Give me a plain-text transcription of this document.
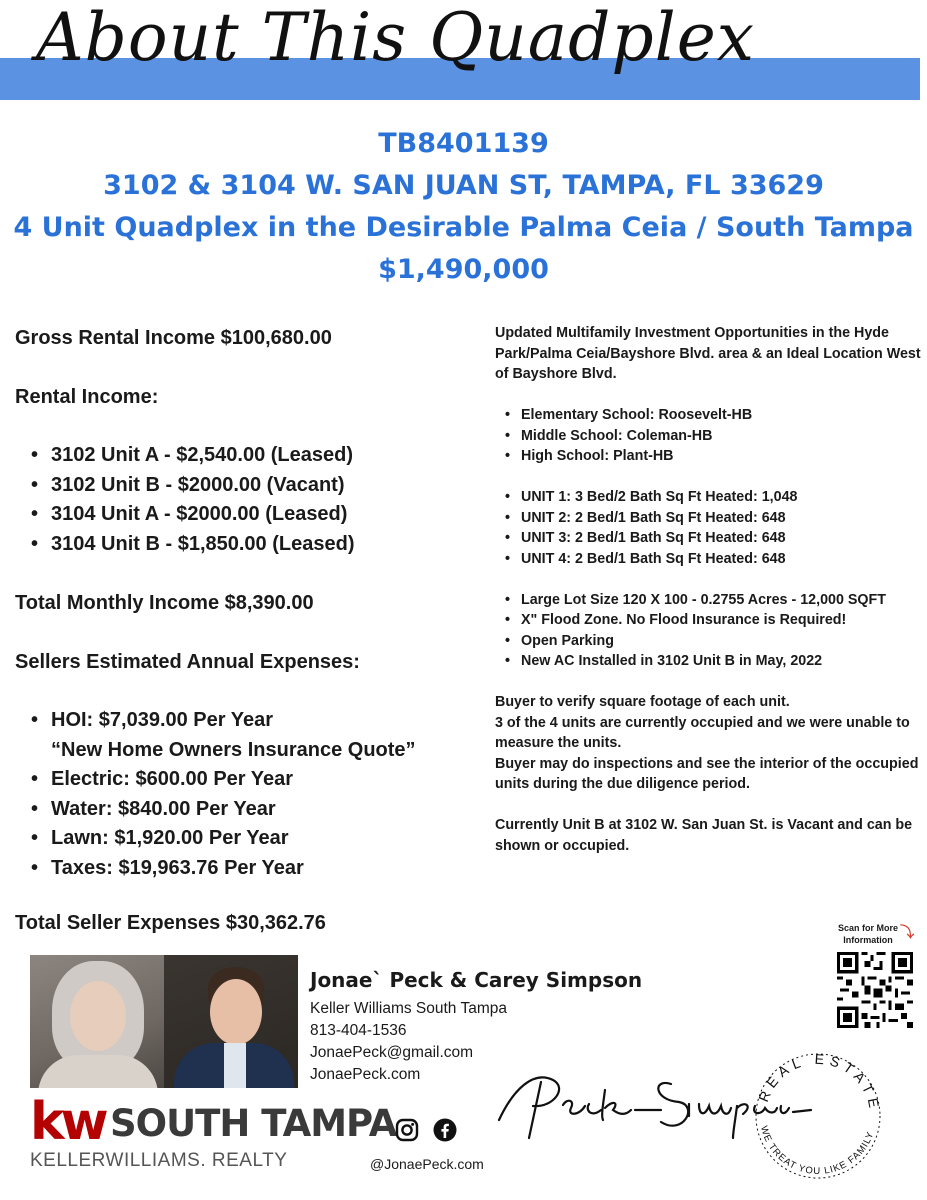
About This Quadplex
TB8401139
3102 & 3104 W. SAN JUAN ST, TAMPA, FL 33629
4 Unit Quadplex in the Desirable Palma Ceia / South Tampa
$1,490,000
Gross Rental Income $100,680.00
Rental Income:
• 3102 Unit A - $2,540.00 (Leased)
• 3102 Unit B - $2000.00 (Vacant)
• 3104 Unit A - $2000.00 (Leased)
• 3104 Unit B - $1,850.00 (Leased)
Total Monthly Income $8,390.00
Sellers Estimated Annual Expenses:
• HOI: $7,039.00 Per Year
“New Home Owners Insurance Quote”
• Electric: $600.00 Per Year
• Water: $840.00 Per Year
• Lawn: $1,920.00 Per Year
• Taxes: $19,963.76 Per Year
Total Seller Expenses $30,362.76

Updated Multifamily Investment Opportunities in the Hyde Park/Palma Ceia/Bayshore Blvd. area & an Ideal Location West of Bayshore Blvd.

• Elementary School: Roosevelt-HB
• Middle School: Coleman-HB
• High School: Plant-HB
• UNIT 1: 3 Bed/2 Bath Sq Ft Heated: 1,048
• UNIT 2: 2 Bed/1 Bath Sq Ft Heated: 648
• UNIT 3: 2 Bed/1 Bath Sq Ft Heated: 648
• UNIT 4: 2 Bed/1 Bath Sq Ft Heated: 648
• Large Lot Size 120 X 100 - 0.2755 Acres - 12,000 SQFT
• X" Flood Zone. No Flood Insurance is Required!
• Open Parking
• New AC Installed in 3102 Unit B in May, 2022

Buyer to verify square footage of each unit.

3 of the 4 units are currently occupied and we were unable to measure the units.

Buyer may do inspections and see the interior of the occupied units during the due diligence period.

Currently Unit B at 3102 W. San Juan St. is Vacant and can be shown or occupied.

Jonae` Peck & Carey Simpson
Keller Williams South Tampa
813-404-1536
JonaePeck@gmail.com
JonaePeck.com
Scan for More
Information ⤵
kw SOUTH TAMPA
KELLERWILLIAMS. REALTY	@JonaePeck.com
REAL ESTATE
WE TREAT YOU LIKE FAMILY
